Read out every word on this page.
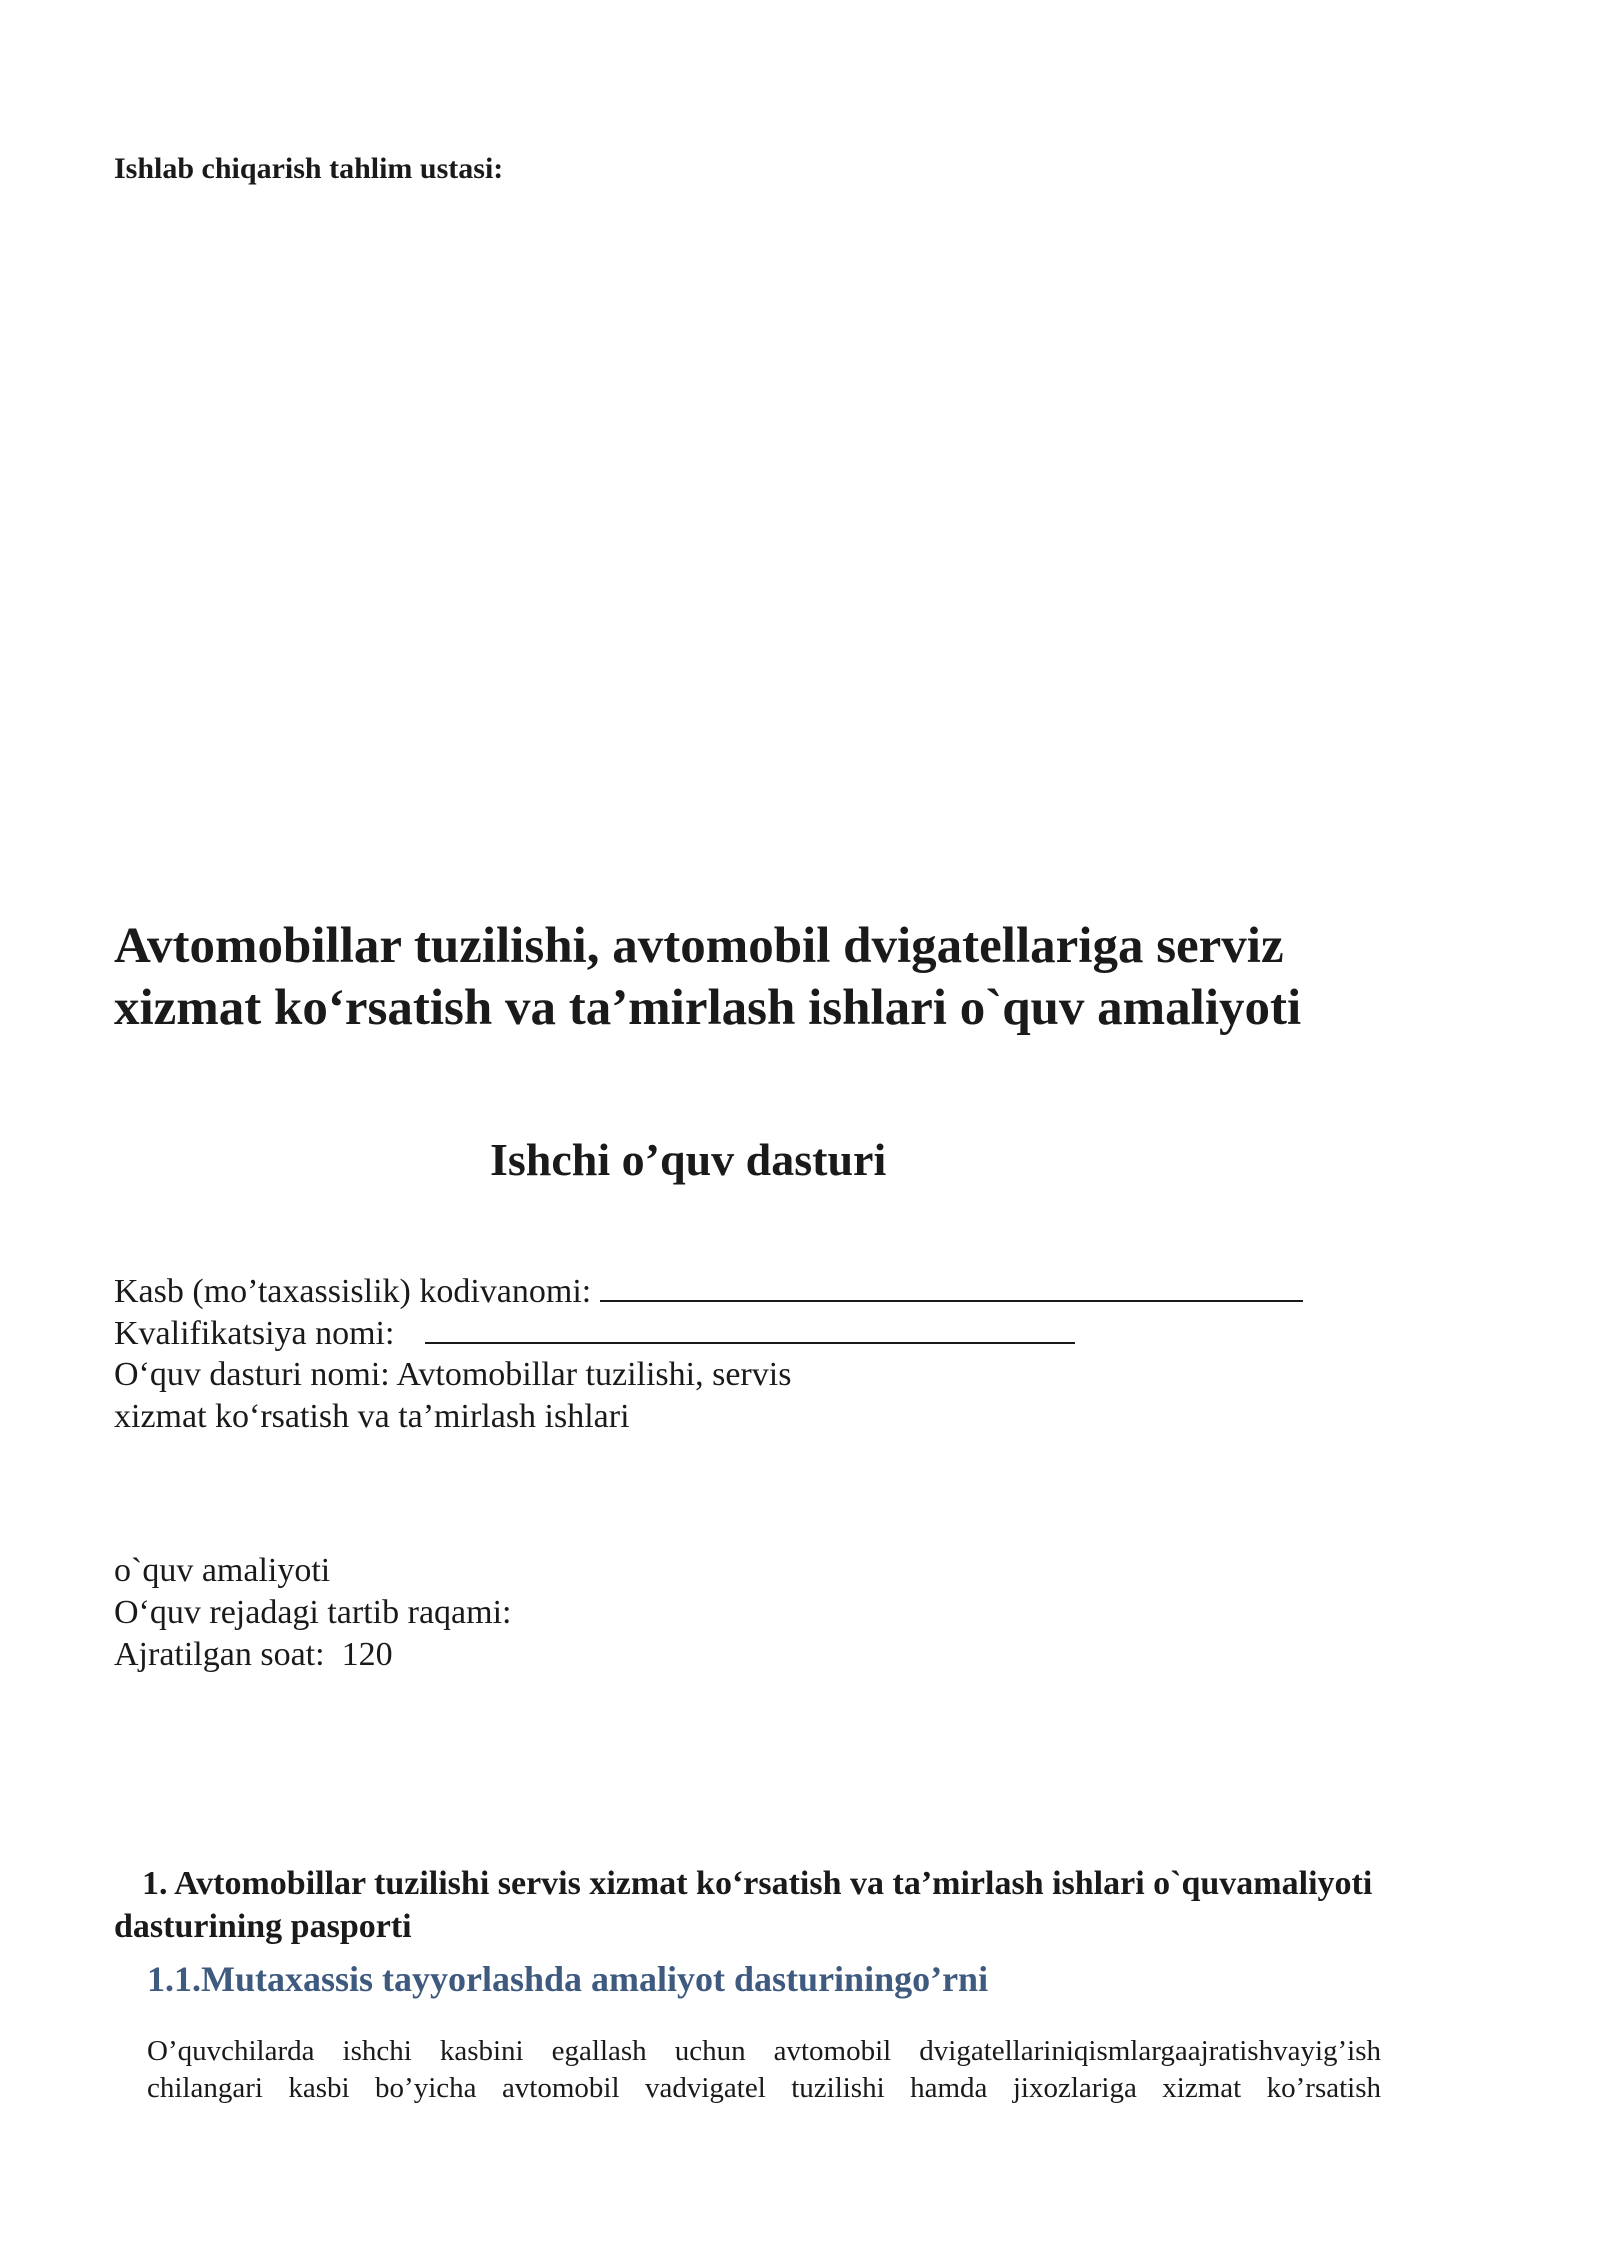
Ishlab chiqarish tahlim ustasi:
Avtomobillar tuzilishi, avtomobil dvigatellariga serviz
xizmat ko‘rsatish va ta’mirlash ishlari o`quv amaliyoti
Ishchi o’quv dasturi
Kasb (mo’taxassislik) kodivanomi:
Kvalifikatsiya nomi:
O‘quv dasturi nomi: Avtomobillar tuzilishi, servis
xizmat ko‘rsatish va ta’mirlash ishlari
o`quv amaliyoti
O‘quv rejadagi tartib raqami:
Ajratilgan soat: 120
1. Avtomobillar tuzilishi servis xizmat ko‘rsatish va ta’mirlash ishlari o`quvamaliyoti
dasturining pasporti
1.1.Mutaxassis tayyorlashda amaliyot dasturiningo’rni
O’quvchilarda ishchi kasbini egallash uchun avtomobil dvigatellariniqismlargaajratishvayig’ish
chilangari kasbi bo’yicha avtomobil vadvigatel tuzilishi hamda jixozlariga xizmat ko’rsatish
